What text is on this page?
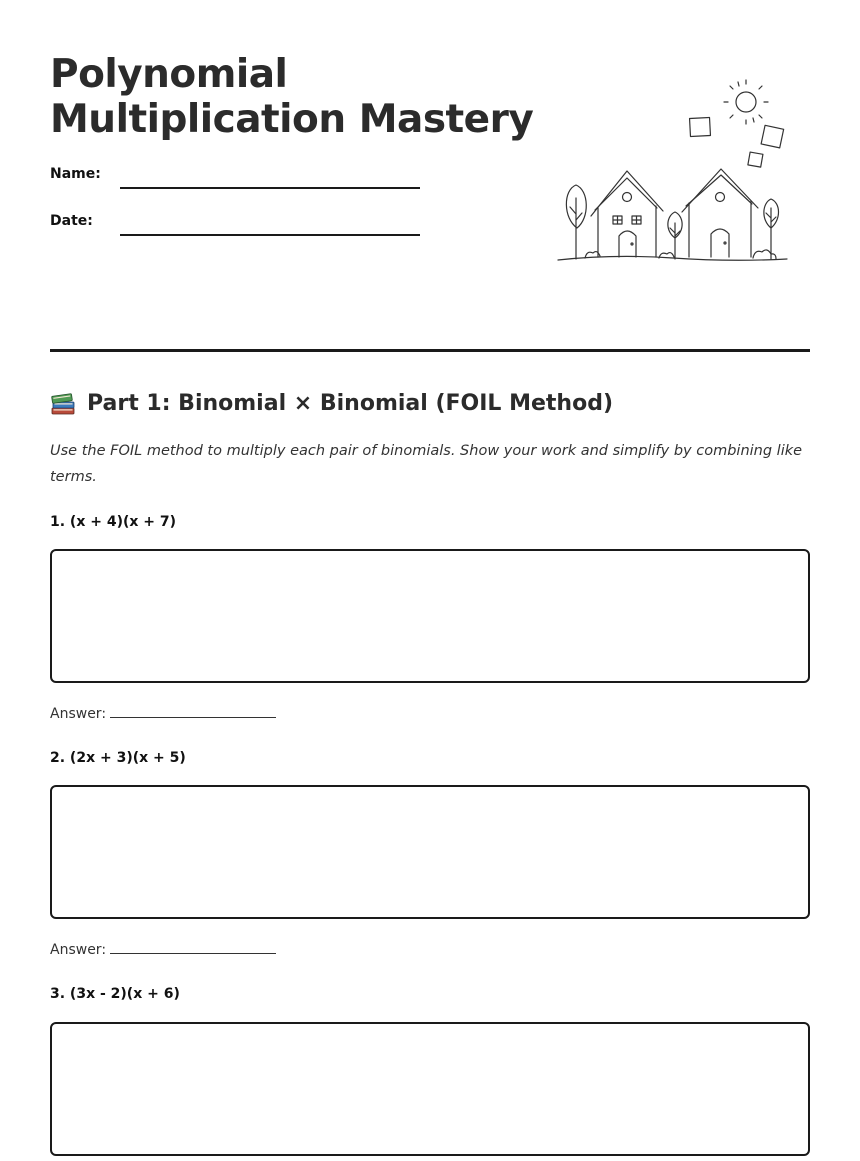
Polynomial
Multiplication Mastery
Name:
Date:
Part 1: Binomial × Binomial (FOIL Method)

Use the FOIL method to multiply each pair of binomials. Show your work and simplify by combining like terms.

1. (x + 4)(x + 7)
Answer:
2. (2x + 3)(x + 5)
Answer:
3. (3x - 2)(x + 6)
